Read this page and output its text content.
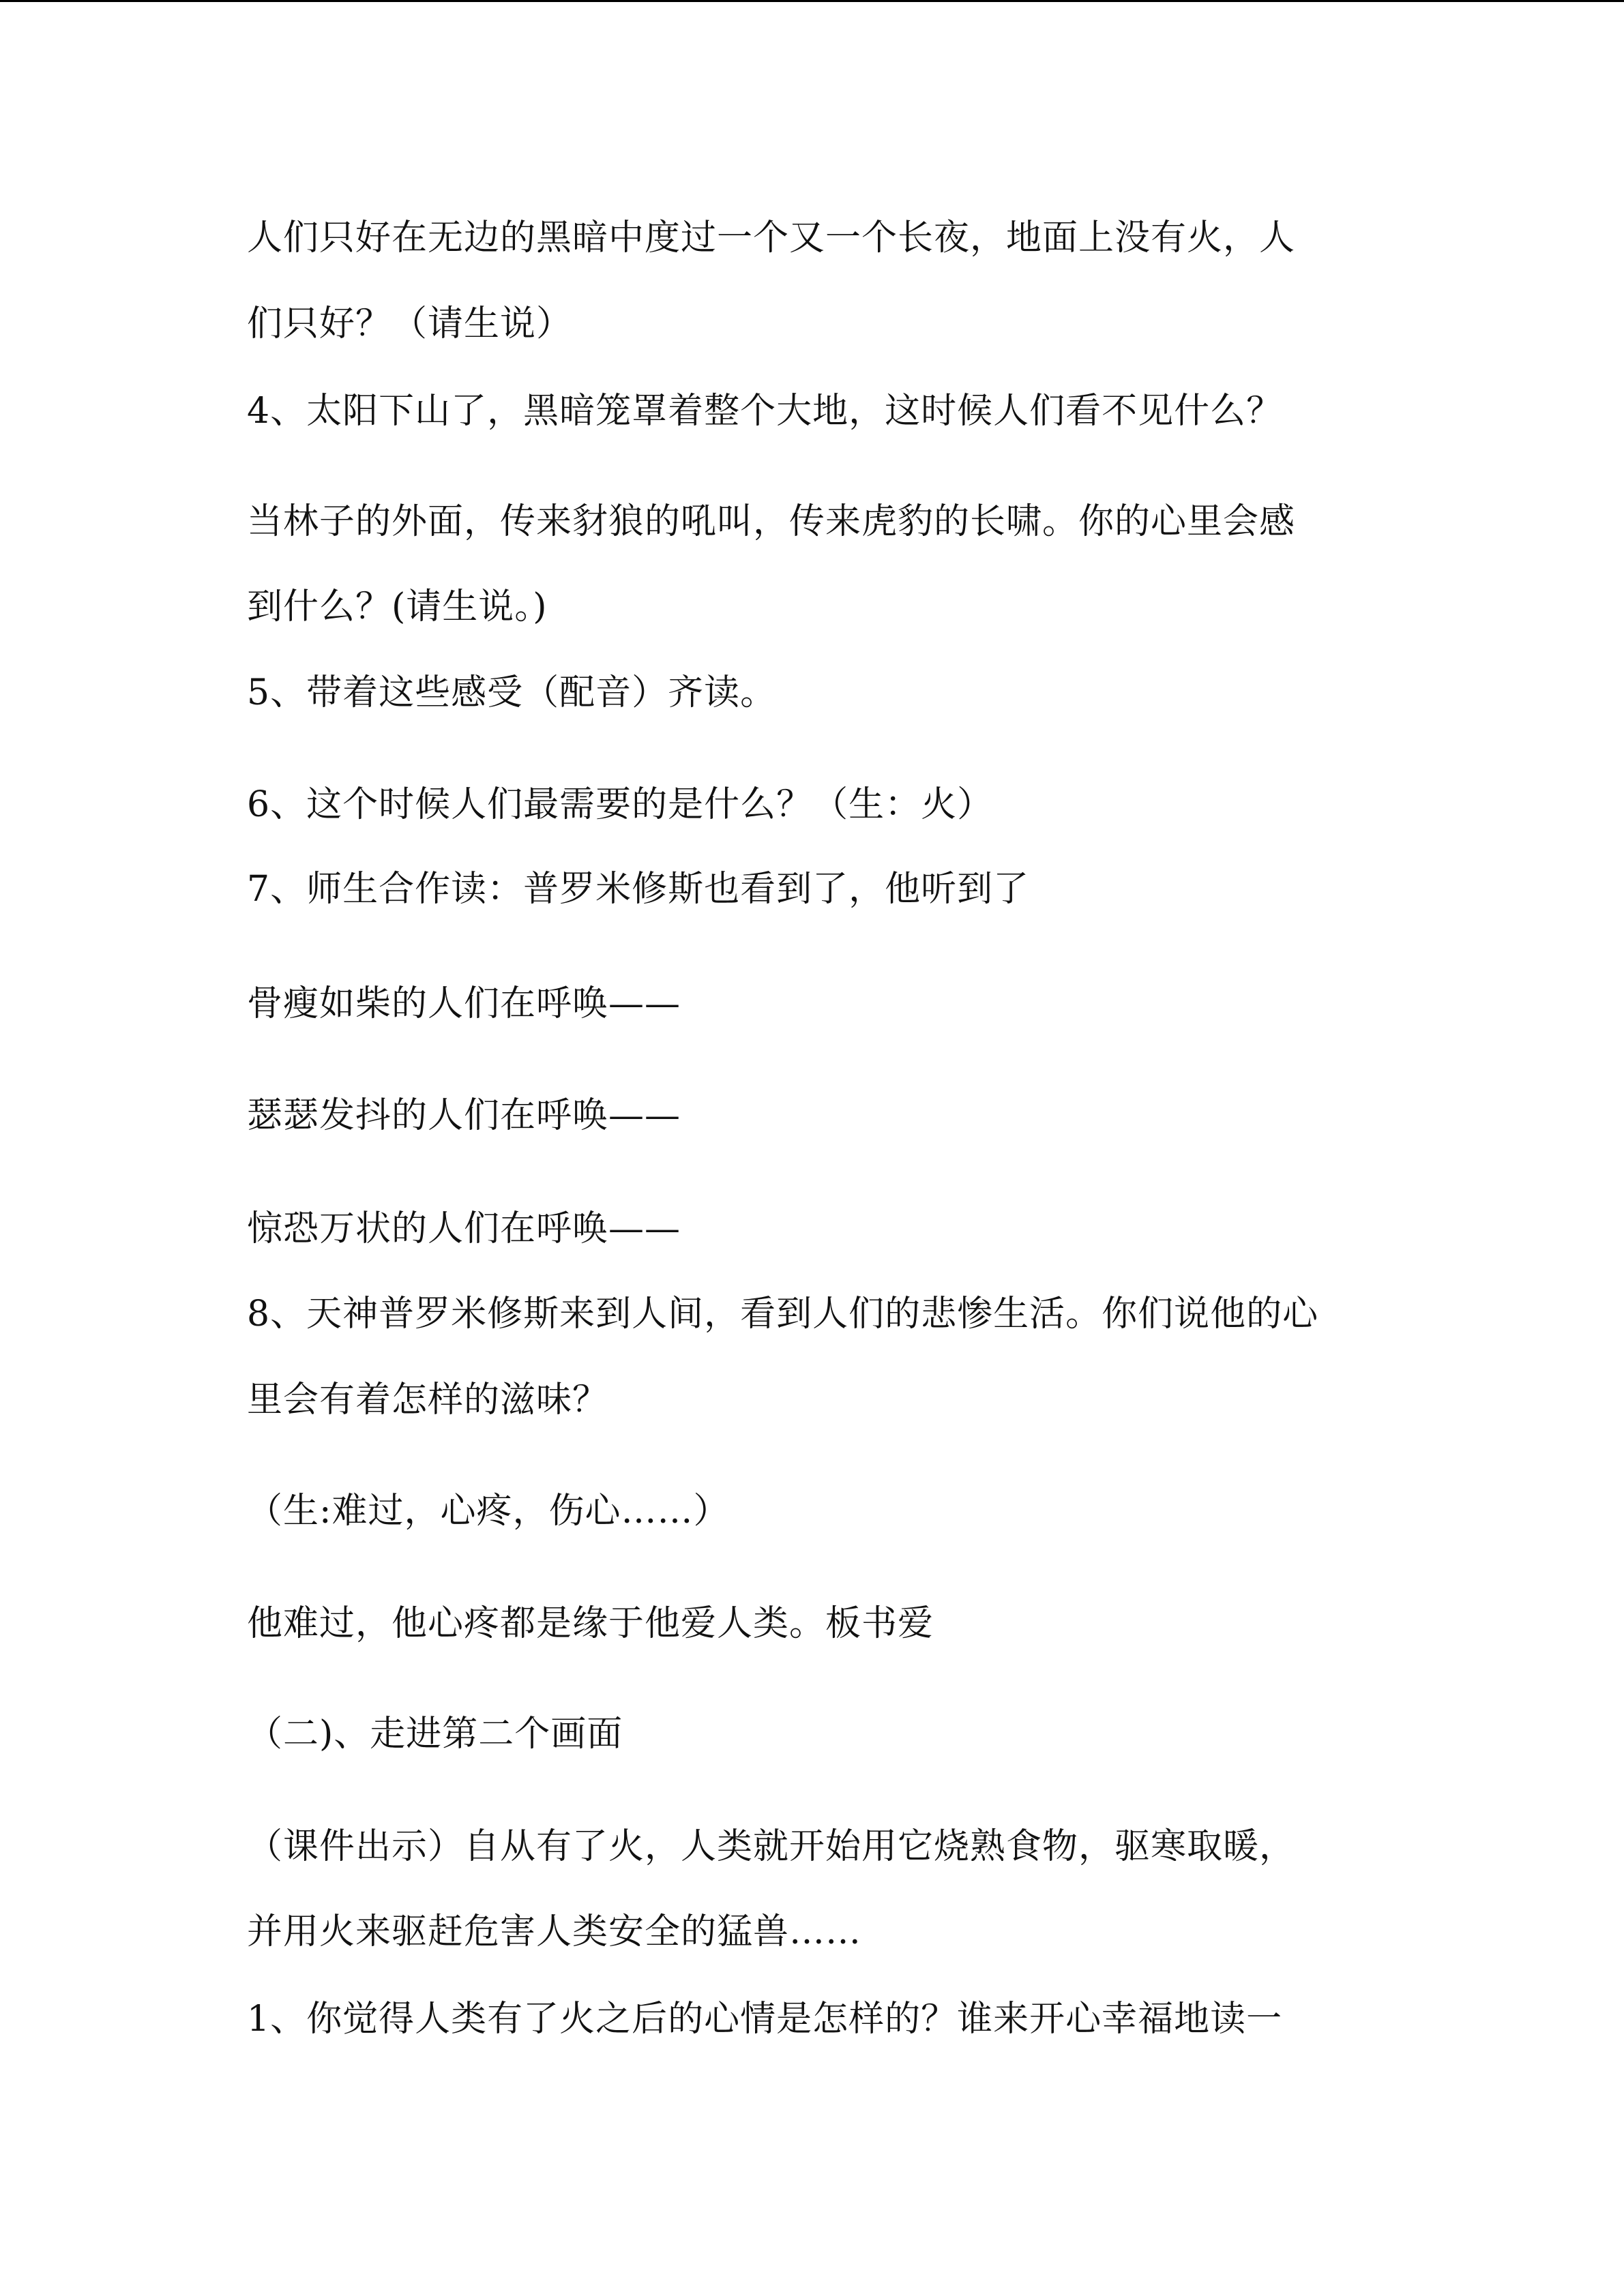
人们只好在无边的黑暗中度过一个又一个长夜，地面上没有火，人
们只好？（请生说）
4、太阳下山了，黑暗笼罩着整个大地，这时候人们看不见什么？
当林子的外面，传来豺狼的吼叫，传来虎豹的长啸。你的心里会感
到什么？(请生说。)
5、带着这些感受（配音）齐读。
6、这个时候人们最需要的是什么？（生：火）
7、师生合作读：普罗米修斯也看到了，他听到了
骨瘦如柴的人们在呼唤——
瑟瑟发抖的人们在呼唤——
惊恐万状的人们在呼唤——
8、天神普罗米修斯来到人间，看到人们的悲惨生活。你们说他的心
里会有着怎样的滋味？
（生:难过，心疼，伤心……）
他难过，他心疼都是缘于他爱人类。板书爱
（二)、走进第二个画面
（课件出示）自从有了火，人类就开始用它烧熟食物，驱寒取暖，
并用火来驱赶危害人类安全的猛兽……
1、你觉得人类有了火之后的心情是怎样的？谁来开心幸福地读一
